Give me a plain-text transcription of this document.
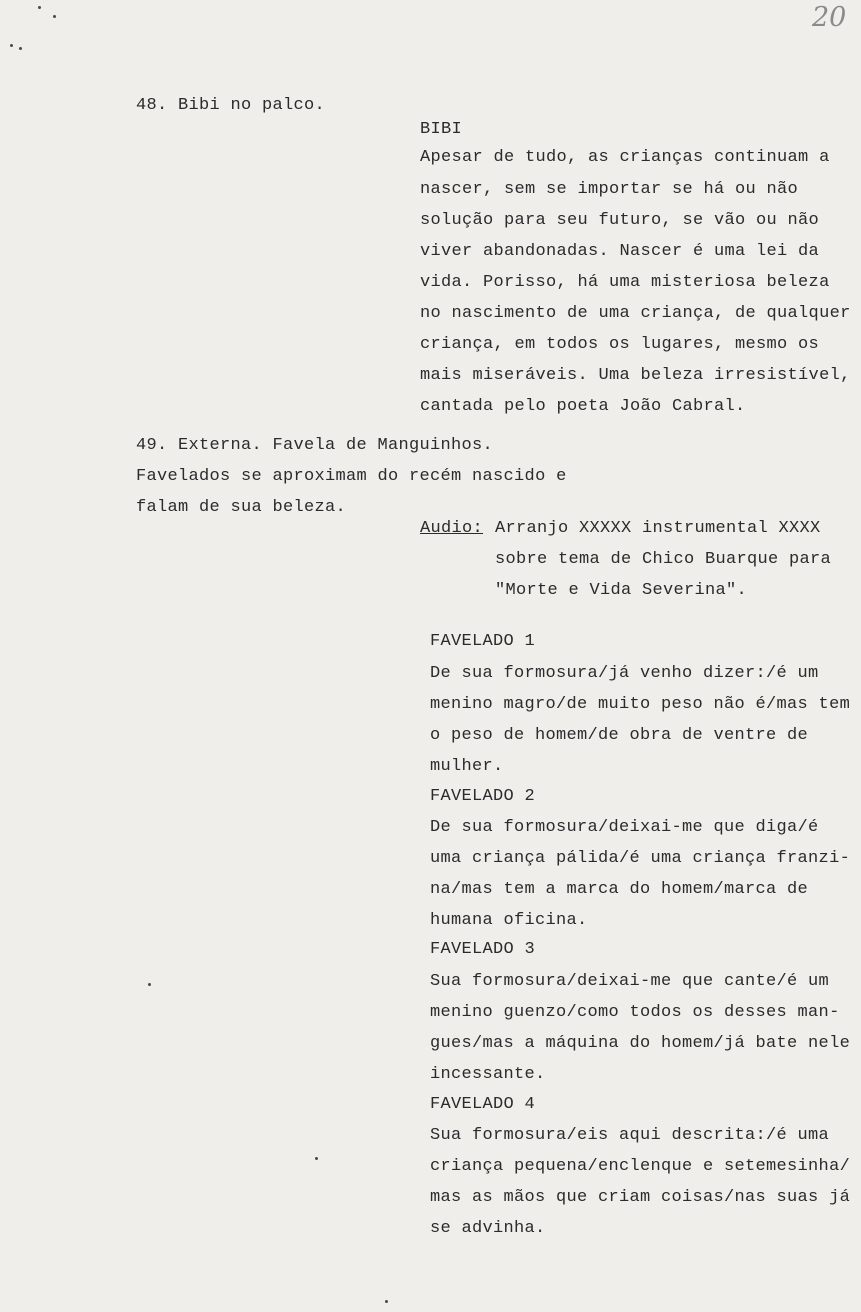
20
48. Bibi no palco.
BIBI
Apesar de tudo, as crianças continuam a
nascer, sem se importar se há ou não
solução para seu futuro, se vão ou não
viver abandonadas. Nascer é uma lei da
vida. Porisso, há uma misteriosa beleza
no nascimento de uma criança, de qualquer
criança, em todos os lugares, mesmo os
mais miseráveis. Uma beleza irresistível,
cantada pelo poeta João Cabral.
49. Externa. Favela de Manguinhos.
Favelados se aproximam do recém nascido e
falam de sua beleza.
Audio: Arranjo XXXXX instrumental XXXX
sobre tema de Chico Buarque para
"Morte e Vida Severina".
FAVELADO 1
De sua formosura/já venho dizer:/é um
menino magro/de muito peso não é/mas tem
o peso de homem/de obra de ventre de
mulher.
FAVELADO 2
De sua formosura/deixai-me que diga/é
uma criança pálida/é uma criança franzi-
na/mas tem a marca do homem/marca de
humana oficina.
FAVELADO 3
Sua formosura/deixai-me que cante/é um
menino guenzo/como todos os desses man-
gues/mas a máquina do homem/já bate nele
incessante.
FAVELADO 4
Sua formosura/eis aqui descrita:/é uma
criança pequena/enclenque e setemesinha/
mas as mãos que criam coisas/nas suas já
se advinha.
